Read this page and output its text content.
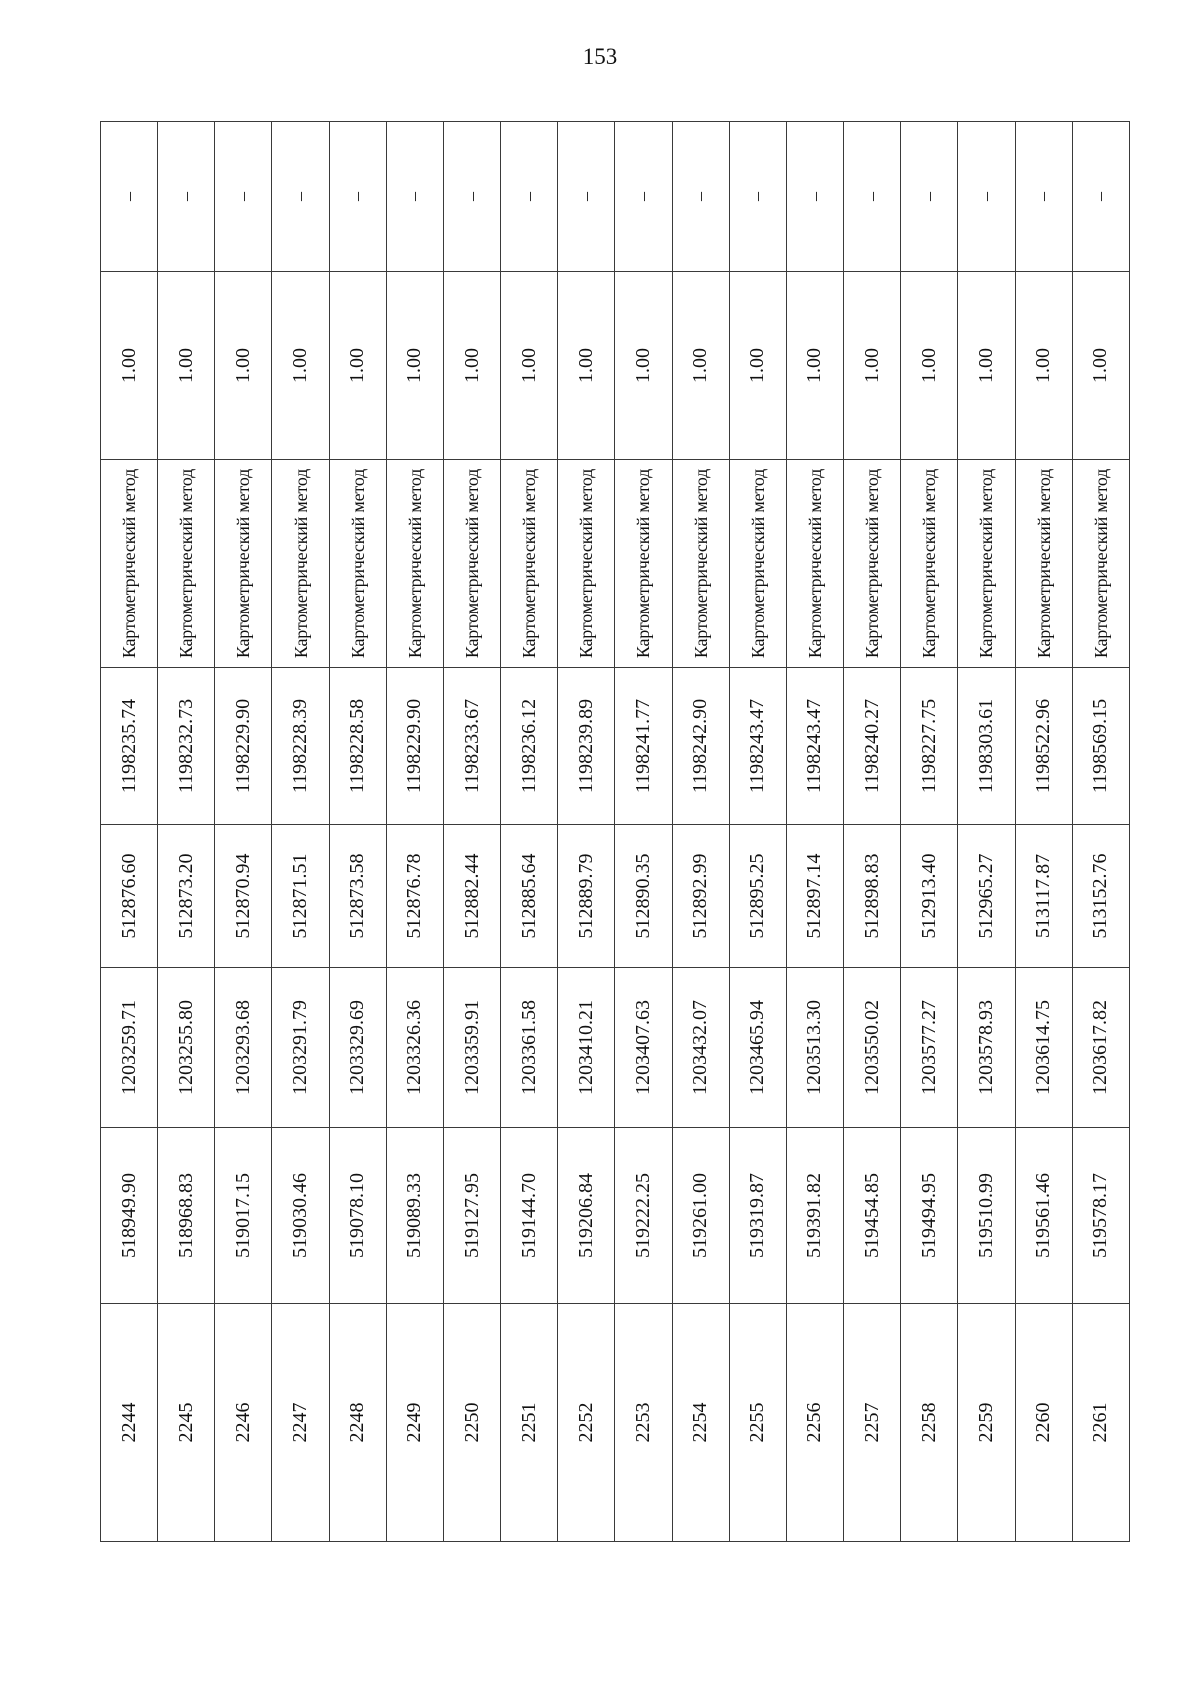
153
2244	518949.90	1203259.71	512876.60	1198235.74	Картометрический метод	1.00	–
2245	518968.83	1203255.80	512873.20	1198232.73	Картометрический метод	1.00	–
2246	519017.15	1203293.68	512870.94	1198229.90	Картометрический метод	1.00	–
2247	519030.46	1203291.79	512871.51	1198228.39	Картометрический метод	1.00	–
2248	519078.10	1203329.69	512873.58	1198228.58	Картометрический метод	1.00	–
2249	519089.33	1203326.36	512876.78	1198229.90	Картометрический метод	1.00	–
2250	519127.95	1203359.91	512882.44	1198233.67	Картометрический метод	1.00	–
2251	519144.70	1203361.58	512885.64	1198236.12	Картометрический метод	1.00	–
2252	519206.84	1203410.21	512889.79	1198239.89	Картометрический метод	1.00	–
2253	519222.25	1203407.63	512890.35	1198241.77	Картометрический метод	1.00	–
2254	519261.00	1203432.07	512892.99	1198242.90	Картометрический метод	1.00	–
2255	519319.87	1203465.94	512895.25	1198243.47	Картометрический метод	1.00	–
2256	519391.82	1203513.30	512897.14	1198243.47	Картометрический метод	1.00	–
2257	519454.85	1203550.02	512898.83	1198240.27	Картометрический метод	1.00	–
2258	519494.95	1203577.27	512913.40	1198227.75	Картометрический метод	1.00	–
2259	519510.99	1203578.93	512965.27	1198303.61	Картометрический метод	1.00	–
2260	519561.46	1203614.75	513117.87	1198522.96	Картометрический метод	1.00	–
2261	519578.17	1203617.82	513152.76	1198569.15	Картометрический метод	1.00	–
